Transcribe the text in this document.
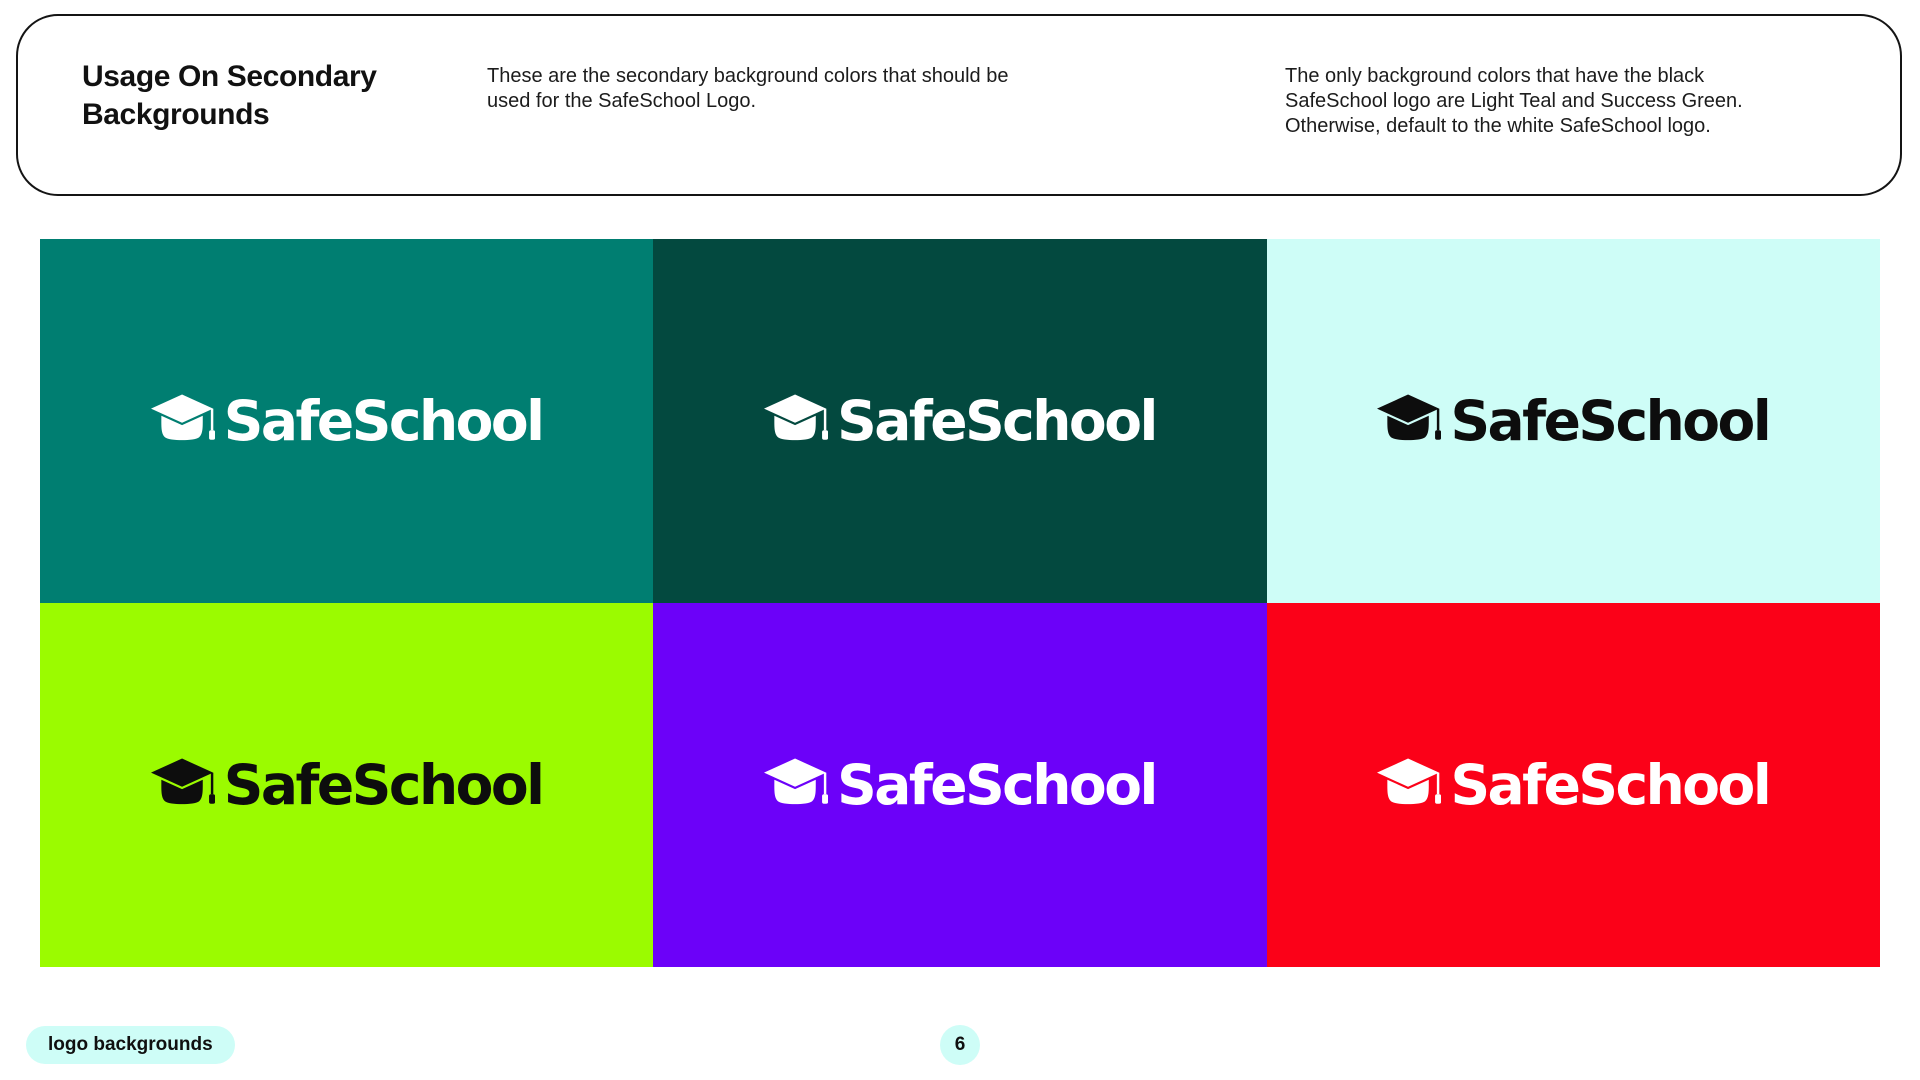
Usage On Secondary Backgrounds

These are the secondary background colors that should be used for the SafeSchool Logo.

The only background colors that have the black SafeSchool logo are Light Teal and Success Green. Otherwise, default to the white SafeSchool logo.

SafeSchool	SafeSchool	SafeSchool
SafeSchool	SafeSchool	SafeSchool
logo backgrounds	6
